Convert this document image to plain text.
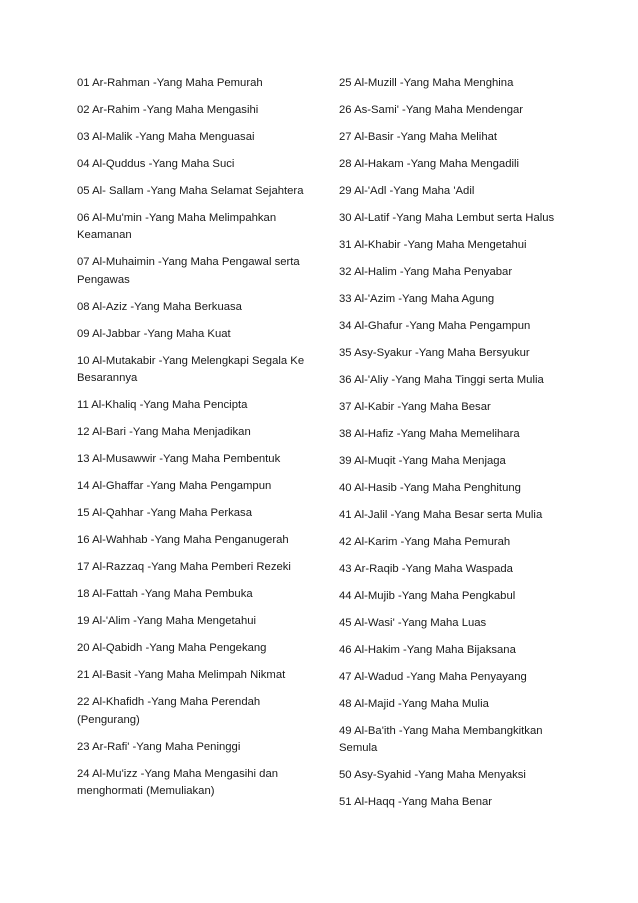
01 Ar-Rahman -Yang Maha Pemurah
02 Ar-Rahim -Yang Maha Mengasihi
03 Al-Malik -Yang Maha Menguasai
04 Al-Quddus -Yang Maha Suci
05 Al- Sallam -Yang Maha Selamat Sejahtera
06 Al-Mu'min -Yang Maha Melimpahkan Keamanan
07 Al-Muhaimin -Yang Maha Pengawal serta Pengawas
08 Al-Aziz -Yang Maha Berkuasa
09 Al-Jabbar -Yang Maha Kuat
10 Al-Mutakabir -Yang Melengkapi Segala Ke Besarannya
11 Al-Khaliq -Yang Maha Pencipta
12 Al-Bari -Yang Maha Menjadikan
13 Al-Musawwir -Yang Maha Pembentuk
14 Al-Ghaffar -Yang Maha Pengampun
15 Al-Qahhar -Yang Maha Perkasa
16 Al-Wahhab -Yang Maha Penganugerah
17 Al-Razzaq -Yang Maha Pemberi Rezeki
18 Al-Fattah -Yang Maha Pembuka
19 Al-'Alim -Yang Maha Mengetahui
20 Al-Qabidh -Yang Maha Pengekang
21 Al-Basit -Yang Maha Melimpah Nikmat
22 Al-Khafidh -Yang Maha Perendah (Pengurang)
23 Ar-Rafi' -Yang Maha Peninggi
24 Al-Mu'izz -Yang Maha Mengasihi dan menghormati (Memuliakan)
25 Al-Muzill -Yang Maha Menghina
26 As-Sami' -Yang Maha Mendengar
27 Al-Basir -Yang Maha Melihat
28 Al-Hakam -Yang Maha Mengadili
29 Al-'Adl -Yang Maha 'Adil
30 Al-Latif -Yang Maha Lembut serta Halus
31 Al-Khabir -Yang Maha Mengetahui
32 Al-Halim -Yang Maha Penyabar
33 Al-'Azim -Yang Maha Agung
34 Al-Ghafur -Yang Maha Pengampun
35 Asy-Syakur -Yang Maha Bersyukur
36 Al-'Aliy -Yang Maha Tinggi serta Mulia
37 Al-Kabir -Yang Maha Besar
38 Al-Hafiz -Yang Maha Memelihara
39 Al-Muqit -Yang Maha Menjaga
40 Al-Hasib -Yang Maha Penghitung
41 Al-Jalil -Yang Maha Besar serta Mulia
42 Al-Karim -Yang Maha Pemurah
43 Ar-Raqib -Yang Maha Waspada
44 Al-Mujib -Yang Maha Pengkabul
45 Al-Wasi' -Yang Maha Luas
46 Al-Hakim -Yang Maha Bijaksana
47 Al-Wadud -Yang Maha Penyayang
48 Al-Majid -Yang Maha Mulia
49 Al-Ba'ith -Yang Maha Membangkitkan Semula
50 Asy-Syahid -Yang Maha Menyaksi
51 Al-Haqq -Yang Maha Benar
